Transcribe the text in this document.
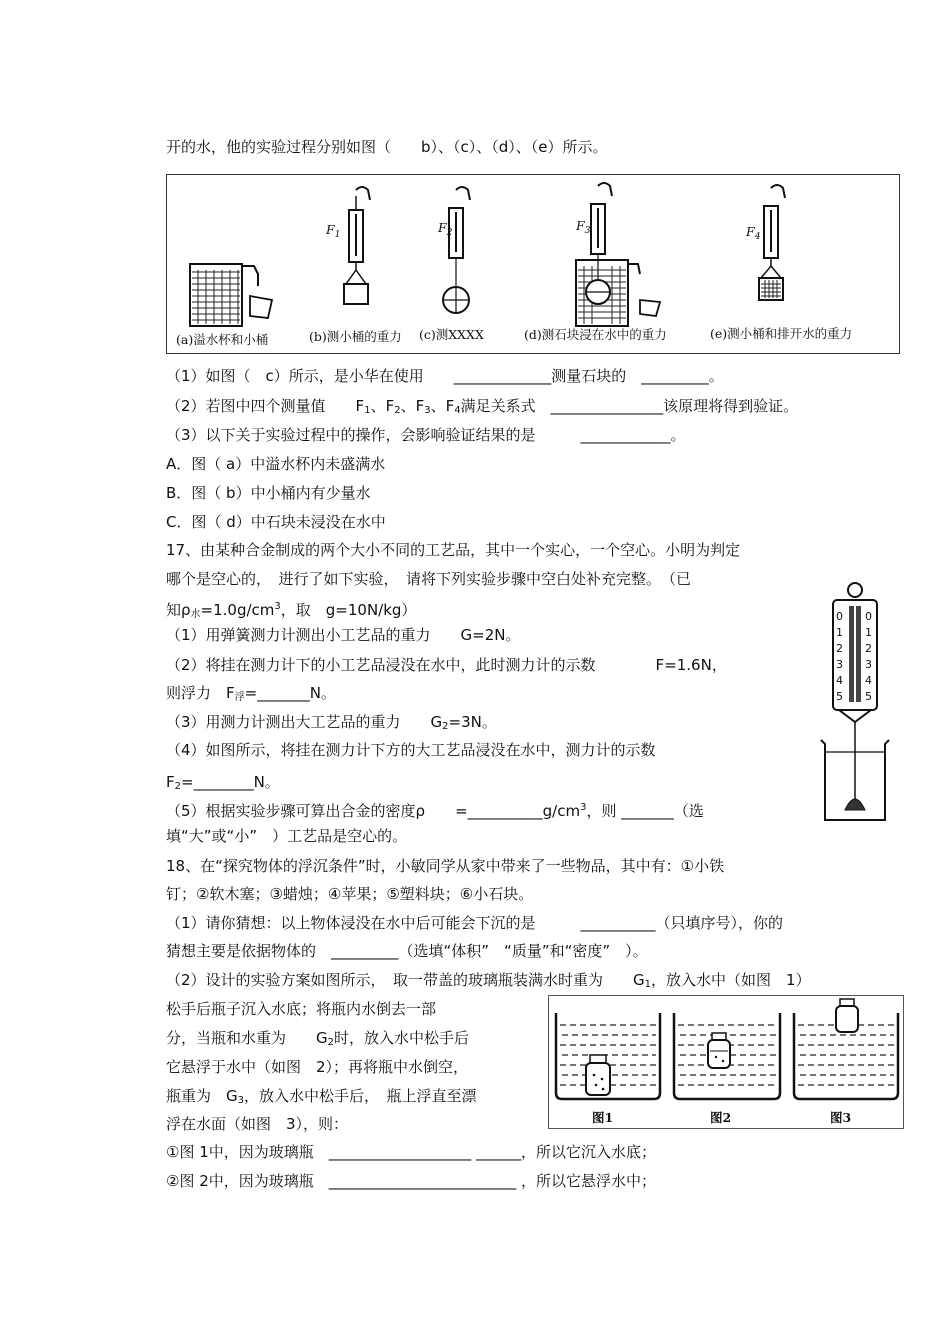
开的水，他的实验过程分别如图（　　b）、（c）、（d）、（e）所示。
$F_1$	$F_2$	$F_3$	$F_4$
(a)溢水杯和小桶	(b)测小桶的重力 (c)测XXXX	(d)测石块浸在水中的重力	(e)测小桶和排开水的重力
（1）如图（　c）所示，是小华在使用　　_____________测量石块的　_________。
（2）若图中四个测量值　　$F_1$、$F_2$、$F_3$、$F_4$满足关系式　_______________该原理将得到验证。
（3）以下关于实验过程中的操作，会影响验证结果的是　　　____________。
A．图（ a）中溢水杯内未盛满水
B．图（ b）中小桶内有少量水
C．图（ d）中石块未浸没在水中
17、由某种合金制成的两个大小不同的工艺品，其中一个实心，一个空心。小明为判定
哪个是空心的，　进行了如下实验，　请将下列实验步骤中空白处补充完整。　（已
知$\rho_水=1.0g/cm^3$，取　g=10N/kg）
（1）用弹簧测力计测出小工艺品的重力　　G=2N。
（2）将挂在测力计下的小工艺品浸没在水中，此时测力计的示数　　　　F=1.6N，
则浮力　$F_浮=\_\_\_\_\_\_\_N$。
（3）用测力计测出大工艺品的重力　　$G_2=3N$。
（4）如图所示，将挂在测力计下方的大工艺品浸没在水中，测力计的示数
$F_2=\_\_\_\_\_\_\_\_N$。
（5）根据实验步骤可算出合金的密度ρ　　$=\_\_\_\_\_\_\_\_\_\_g/cm^3$，则 _______（选
填“大”或“小”　）工艺品是空心的。
0 0
1 1
2 2
3 3
4 4
5 5
18、在“探究物体的浮沉条件”时，小敏同学从家中带来了一些物品，其中有：①小铁
钉；②软木塞；③蜡烛；④苹果；⑤塑料块；⑥小石块。
（1）请你猜想：以上物体浸没在水中后可能会下沉的是　　　__________（只填序号），你的
猜想主要是依据物体的　_________（选填“体积”　“质量”和“密度”　）。
（2）设计的实验方案如图所示，　取一带盖的玻璃瓶装满水时重为　　$G_1$，放入水中（如图　1）
松手后瓶子沉入水底；将瓶内水倒去一部
分，当瓶和水重为　　$G_2$时，放入水中松手后
它悬浮于水中（如图　2）；再将瓶中水倒空，
瓶重为　$G_3$，放入水中松手后，　瓶上浮直至漂
浮在水面（如图　3），则：
①图 1中，因为玻璃瓶　___________________ ______，所以它沉入水底；
②图 2中，因为玻璃瓶　_________________________ ，所以它悬浮水中；
图1	图2	图3
